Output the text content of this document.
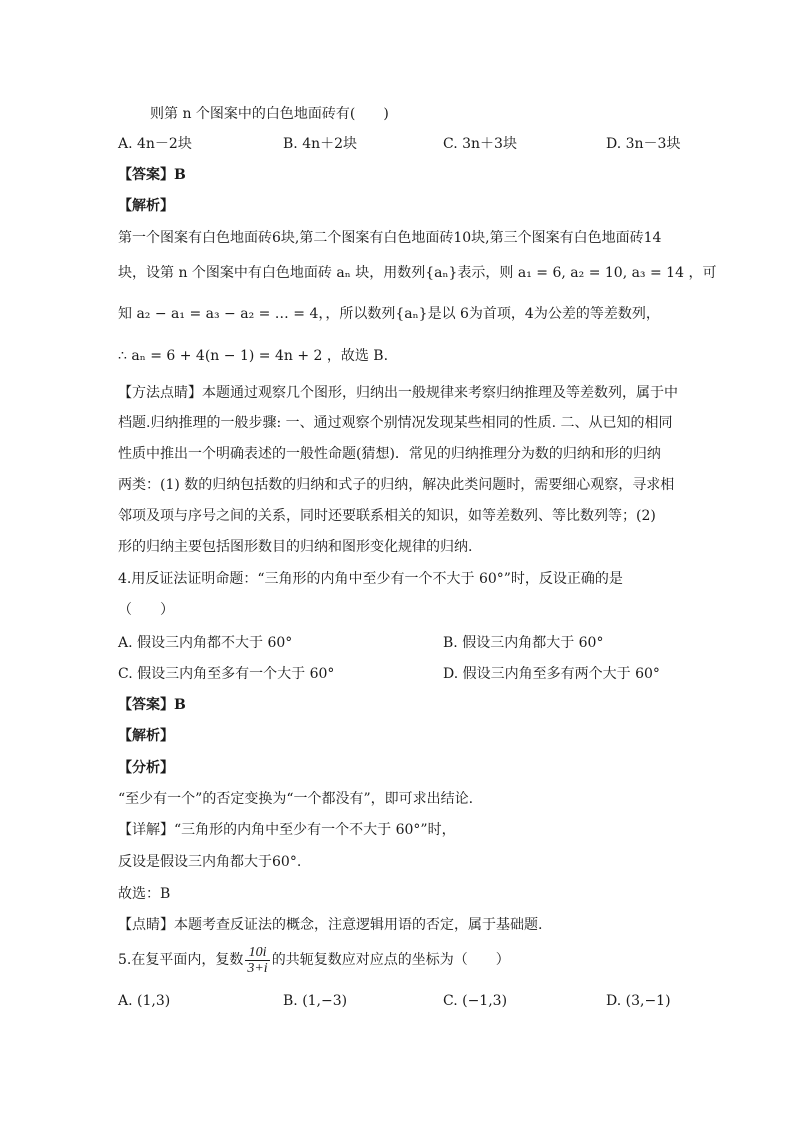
则第 n 个图案中的白色地面砖有(　　)
A. 4n－2块	B. 4n＋2块	C. 3n＋3块	D. 3n－3块
【答案】B
【解析】
第一个图案有白色地面砖6块,第二个图案有白色地面砖10块,第三个图案有白色地面砖14
块，设第 n 个图案中有白色地面砖 aₙ 块，用数列{aₙ}表示，则 a₁ = 6, a₂ = 10, a₃ = 14 ，可
知 a₂ − a₁ = a₃ − a₂ = … = 4，，所以数列{aₙ}是以 6为首项，4为公差的等差数列，
∴ aₙ = 6 + 4(n − 1) = 4n + 2 ，故选 B.
【方法点睛】本题通过观察几个图形，归纳出一般规律来考察归纳推理及等差数列，属于中
档题.归纳推理的一般步骤: 一、通过观察个别情况发现某些相同的性质. 二、从已知的相同
性质中推出一个明确表述的一般性命题(猜想)．常见的归纳推理分为数的归纳和形的归纳
两类：(1) 数的归纳包括数的归纳和式子的归纳，解决此类问题时，需要细心观察，寻求相
邻项及项与序号之间的关系，同时还要联系相关的知识，如等差数列、等比数列等；(2)
形的归纳主要包括图形数目的归纳和图形变化规律的归纳.
4.用反证法证明命题：“三角形的内角中至少有一个不大于 60°”时，反设正确的是
（　　）
A. 假设三内角都不大于 60°	B. 假设三内角都大于 60°
C. 假设三内角至多有一个大于 60°	D. 假设三内角至多有两个大于 60°
【答案】B
【解析】
【分析】
“至少有一个”的否定变换为“一个都没有”，即可求出结论.
【详解】“三角形的内角中至少有一个不大于 60°”时，
反设是假设三内角都大于60°.
故选：B
【点睛】本题考查反证法的概念，注意逻辑用语的否定，属于基础题.
5.在复平面内，复数 $\frac{10i}{3+i}$ 的共轭复数应对应点的坐标为（　　）
A. (1,3)	B. (1,−3)	C. (−1,3)	D. (3,−1)
